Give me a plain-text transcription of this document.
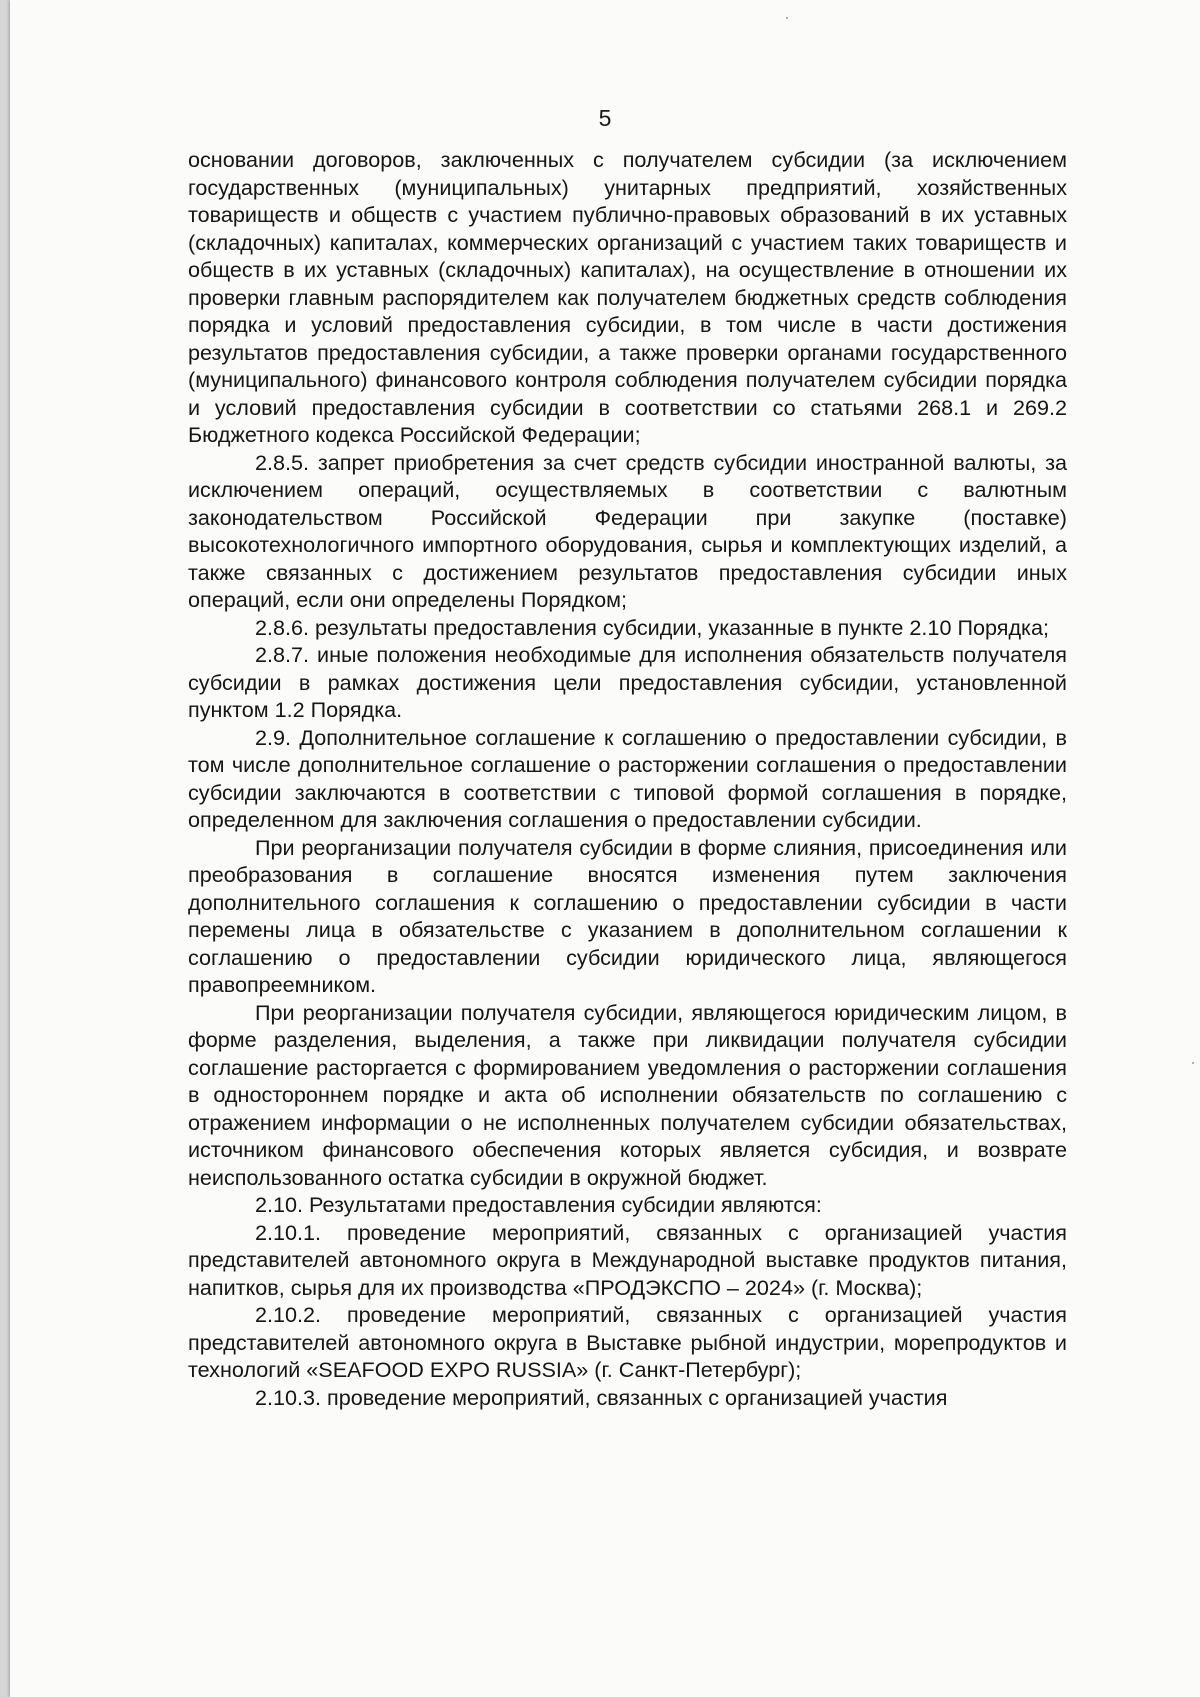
5

основании договоров, заключенных с получателем субсидии (за исключением государственных (муниципальных) унитарных предприятий, хозяйственных товариществ и обществ с участием публично-правовых образований в их уставных (складочных) капиталах, коммерческих организаций с участием таких товариществ и обществ в их уставных (складочных) капиталах), на осуществление в отношении их проверки главным распорядителем как получателем бюджетных средств соблюдения порядка и условий предоставления субсидии, в том числе в части достижения результатов предоставления субсидии, а также проверки органами государственного (муниципального) финансового контроля соблюдения получателем субсидии порядка и условий предоставления субсидии в соответствии со статьями 268.1 и 269.2 Бюджетного кодекса Российской Федерации;

2.8.5. запрет приобретения за счет средств субсидии иностранной валюты, за исключением операций, осуществляемых в соответствии с валютным законодательством Российской Федерации при закупке (поставке) высокотехнологичного импортного оборудования, сырья и комплектующих изделий, а также связанных с достижением результатов предоставления субсидии иных операций, если они определены Порядком;

2.8.6. результаты предоставления субсидии, указанные в пункте 2.10 Порядка;

2.8.7. иные положения необходимые для исполнения обязательств получателя субсидии в рамках достижения цели предоставления субсидии, установленной пунктом 1.2 Порядка.

2.9. Дополнительное соглашение к соглашению о предоставлении субсидии, в том числе дополнительное соглашение о расторжении соглашения о предоставлении субсидии заключаются в соответствии с типовой формой соглашения в порядке, определенном для заключения соглашения о предоставлении субсидии.

При реорганизации получателя субсидии в форме слияния, присоединения или преобразования в соглашение вносятся изменения путем заключения дополнительного соглашения к соглашению о предоставлении субсидии в части перемены лица в обязательстве с указанием в дополнительном соглашении к соглашению о предоставлении субсидии юридического лица, являющегося правопреемником.

При реорганизации получателя субсидии, являющегося юридическим лицом, в форме разделения, выделения, а также при ликвидации получателя субсидии соглашение расторгается с формированием уведомления о расторжении соглашения в одностороннем порядке и акта об исполнении обязательств по соглашению с отражением информации о не исполненных получателем субсидии обязательствах, источником финансового обеспечения которых является субсидия, и возврате неиспользованного остатка субсидии в окружной бюджет.

2.10. Результатами предоставления субсидии являются:

2.10.1. проведение мероприятий, связанных с организацией участия представителей автономного округа в Международной выставке продуктов питания, напитков, сырья для их производства «ПРОДЭКСПО – 2024» (г. Москва);

2.10.2. проведение мероприятий, связанных с организацией участия представителей автономного округа в Выставке рыбной индустрии, морепродуктов и технологий «SEAFOOD EXPO RUSSIA» (г. Санкт-Петербург);

2.10.3. проведение мероприятий, связанных с организацией участия
